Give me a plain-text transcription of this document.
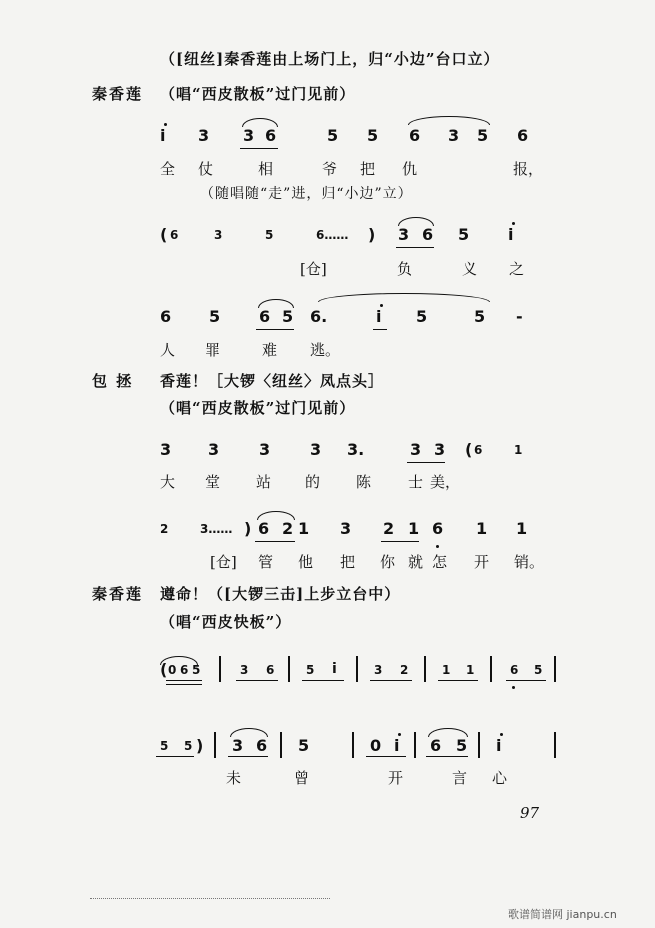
（[纽丝]秦香莲由上场门上，归“小边”台口立）
秦香莲 （唱“西皮散板”过门见前）
i 3 3 6	5 5 6 3 5 6
全 仗	相	爷 把 仇	报，
（随唱随“走”进，归“小边”立）
( 6	3	5	6…… ) 3 6 5 i
[仓]	负	义 之
6 5 6 5 6.	i 5	5 -
人 罪	难 逃。
包 拯 香莲！［大锣〈纽丝〉凤点头］
（唱“西皮散板”过门见前）
3 3 3 3 3.	3 3 ( 6	1
大 堂 站 的 陈 士 美，
2	3…… ) 6 2 1 3 2 1 6 1 1
[仓] 管 他 把 你 就 怎 开 销。
秦香莲 遵命！（[大锣三击]上步立台中）
（唱“西皮快板”）
( 0 6 5	3 6	5 i	3 2	1 1	6 5
5 5 ) 3 6 5	0 i 6 5 i
未	曾	开	言 心
97
歌谱简谱网 jianpu.cn
